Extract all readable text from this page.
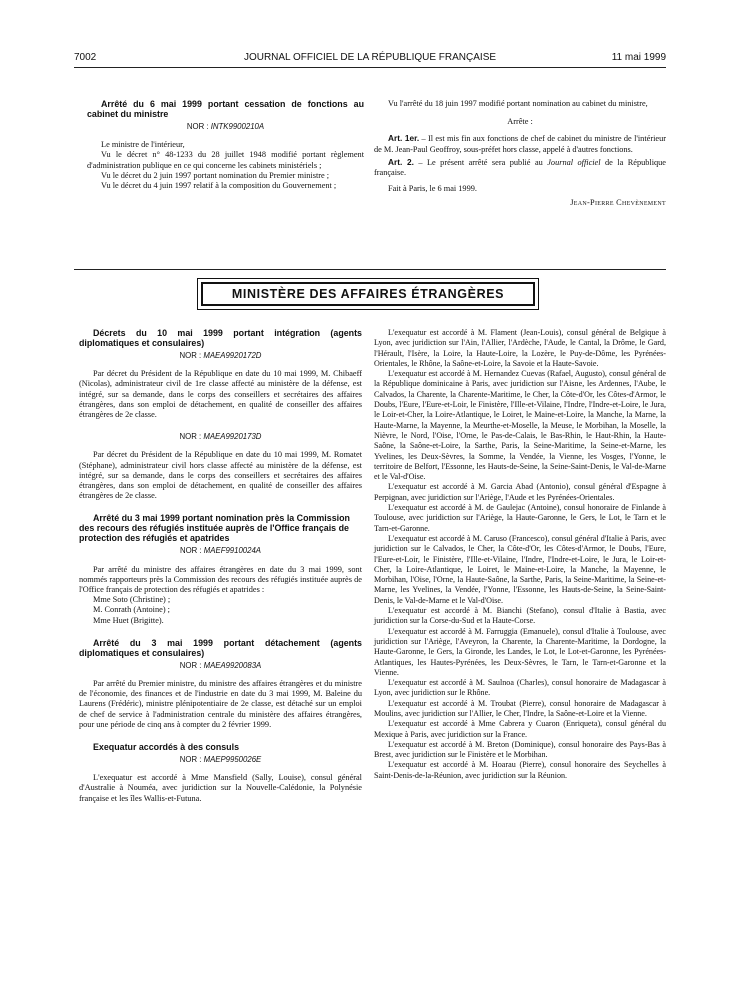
7002	JOURNAL OFFICIEL DE LA RÉPUBLIQUE FRANÇAISE	11 mai 1999

Arrêté du 6 mai 1999 portant cessation de fonctions au cabinet du ministre

NOR : INTK9900210A

Le ministre de l'intérieur,

Vu le décret n° 48-1233 du 28 juillet 1948 modifié portant règlement d'administration publique en ce qui concerne les cabinets ministériels ;

Vu le décret du 2 juin 1997 portant nomination du Premier ministre ;

Vu le décret du 4 juin 1997 relatif à la composition du Gouvernement ;

Vu l'arrêté du 18 juin 1997 modifié portant nomination au cabinet du ministre,

Arrête :

Art. 1er. – Il est mis fin aux fonctions de chef de cabinet du ministre de l'intérieur de M. Jean-Paul Geoffroy, sous-préfet hors classe, appelé à d'autres fonctions.

Art. 2. – Le présent arrêté sera publié au Journal officiel de la République française.

Fait à Paris, le 6 mai 1999.

Jean-Pierre Chevènement

MINISTÈRE DES AFFAIRES ÉTRANGÈRES

Décrets du 10 mai 1999 portant intégration (agents diplomatiques et consulaires)

NOR : MAEA9920172D

Par décret du Président de la République en date du 10 mai 1999, M. Chibaeff (Nicolas), administrateur civil de 1re classe affecté au ministère de la défense, est intégré, sur sa demande, dans le corps des conseillers et secrétaires des affaires étrangères, dans son emploi de détachement, en qualité de conseiller des affaires étrangères de 2e classe.

NOR : MAEA9920173D

Par décret du Président de la République en date du 10 mai 1999, M. Romatet (Stéphane), administrateur civil hors classe affecté au ministère de la défense, est intégré, sur sa demande, dans le corps des conseillers et secrétaires des affaires étrangères, dans son emploi de détachement, en qualité de conseiller des affaires étrangères de 2e classe.

Arrêté du 3 mai 1999 portant nomination près la Commission des recours des réfugiés instituée auprès de l'Office français de protection des réfugiés et apatrides

NOR : MAEF9910024A

Par arrêté du ministre des affaires étrangères en date du 3 mai 1999, sont nommés rapporteurs près la Commission des recours des réfugiés instituée auprès de l'Office français de protection des réfugiés et apatrides :

Mme Soto (Christine) ;

M. Conrath (Antoine) ;

Mme Huet (Brigitte).

Arrêté du 3 mai 1999 portant détachement (agents diplomatiques et consulaires)

NOR : MAEA9920083A

Par arrêté du Premier ministre, du ministre des affaires étrangères et du ministre de l'économie, des finances et de l'industrie en date du 3 mai 1999, M. Baleine du Laurens (Frédéric), ministre plénipotentiaire de 2e classe, est détaché sur un emploi de chef de service à l'administration centrale du ministère des affaires étrangères, pour une période de cinq ans à compter du 2 février 1999.

Exequatur accordés à des consuls

NOR : MAEP9950026E

L'exequatur est accordé à Mme Mansfield (Sally, Louise), consul général d'Australie à Nouméa, avec juridiction sur la Nouvelle-Calédonie, la Polynésie française et les îles Wallis-et-Futuna.

L'exequatur est accordé à M. Flament (Jean-Louis), consul général de Belgique à Lyon, avec juridiction sur l'Ain, l'Allier, l'Ardèche, l'Aude, le Cantal, la Drôme, le Gard, l'Hérault, l'Isère, la Loire, la Haute-Loire, la Lozère, le Puy-de-Dôme, les Pyrénées-Orientales, le Rhône, la Saône-et-Loire, la Savoie et la Haute-Savoie.

L'exequatur est accordé à M. Hernandez Cuevas (Rafael, Augusto), consul général de la République dominicaine à Paris, avec juridiction sur l'Aisne, les Ardennes, l'Aube, le Calvados, la Charente, la Charente-Maritime, le Cher, la Côte-d'Or, les Côtes-d'Armor, le Doubs, l'Eure, l'Eure-et-Loir, le Finistère, l'Ille-et-Vilaine, l'Indre, l'Indre-et-Loire, le Jura, le Loir-et-Cher, la Loire-Atlantique, le Loiret, le Maine-et-Loire, la Manche, la Marne, la Haute-Marne, la Mayenne, la Meurthe-et-Moselle, la Meuse, le Morbihan, la Moselle, la Nièvre, le Nord, l'Oise, l'Orne, le Pas-de-Calais, le Bas-Rhin, le Haut-Rhin, la Haute-Saône, la Saône-et-Loire, la Sarthe, Paris, la Seine-Maritime, la Seine-et-Marne, les Yvelines, les Deux-Sèvres, la Somme, la Vendée, la Vienne, les Vosges, l'Yonne, le territoire de Belfort, l'Essonne, les Hauts-de-Seine, la Seine-Saint-Denis, le Val-de-Marne et le Val-d'Oise.

L'exequatur est accordé à M. Garcia Abad (Antonio), consul général d'Espagne à Perpignan, avec juridiction sur l'Ariège, l'Aude et les Pyrénées-Orientales.

L'exequatur est accordé à M. de Gaulejac (Antoine), consul honoraire de Finlande à Toulouse, avec juridiction sur l'Ariège, la Haute-Garonne, le Gers, le Lot, le Tarn et le Tarn-et-Garonne.

L'exequatur est accordé à M. Caruso (Francesco), consul général d'Italie à Paris, avec juridiction sur le Calvados, le Cher, la Côte-d'Or, les Côtes-d'Armor, le Doubs, l'Eure, l'Eure-et-Loir, le Finistère, l'Ille-et-Vilaine, l'Indre, l'Indre-et-Loire, le Jura, le Loir-et-Cher, la Loire-Atlantique, le Loiret, le Maine-et-Loire, la Manche, la Mayenne, le Morbihan, l'Oise, l'Orne, la Haute-Saône, la Sarthe, Paris, la Seine-Maritime, la Seine-et-Marne, les Yvelines, la Vendée, l'Yonne, l'Essonne, les Hauts-de-Seine, la Seine-Saint-Denis, le Val-de-Marne et le Val-d'Oise.

L'exequatur est accordé à M. Bianchi (Stefano), consul d'Italie à Bastia, avec juridiction sur la Corse-du-Sud et la Haute-Corse.

L'exequatur est accordé à M. Farruggia (Emanuele), consul d'Italie à Toulouse, avec juridiction sur l'Ariège, l'Aveyron, la Charente, la Charente-Maritime, la Dordogne, la Haute-Garonne, le Gers, la Gironde, les Landes, le Lot, le Lot-et-Garonne, les Pyrénées-Atlantiques, les Hautes-Pyrénées, les Deux-Sèvres, le Tarn, le Tarn-et-Garonne et la Vienne.

L'exequatur est accordé à M. Saulnoa (Charles), consul honoraire de Madagascar à Lyon, avec juridiction sur le Rhône.

L'exequatur est accordé à M. Troubat (Pierre), consul honoraire de Madagascar à Moulins, avec juridiction sur l'Allier, le Cher, l'Indre, la Saône-et-Loire et la Vienne.

L'exequatur est accordé à Mme Cabrera y Cuaron (Enriqueta), consul général du Mexique à Paris, avec juridiction sur la France.

L'exequatur est accordé à M. Breton (Dominique), consul honoraire des Pays-Bas à Brest, avec juridiction sur le Finistère et le Morbihan.

L'exequatur est accordé à M. Hoarau (Pierre), consul honoraire des Seychelles à Saint-Denis-de-la-Réunion, avec juridiction sur la Réunion.
